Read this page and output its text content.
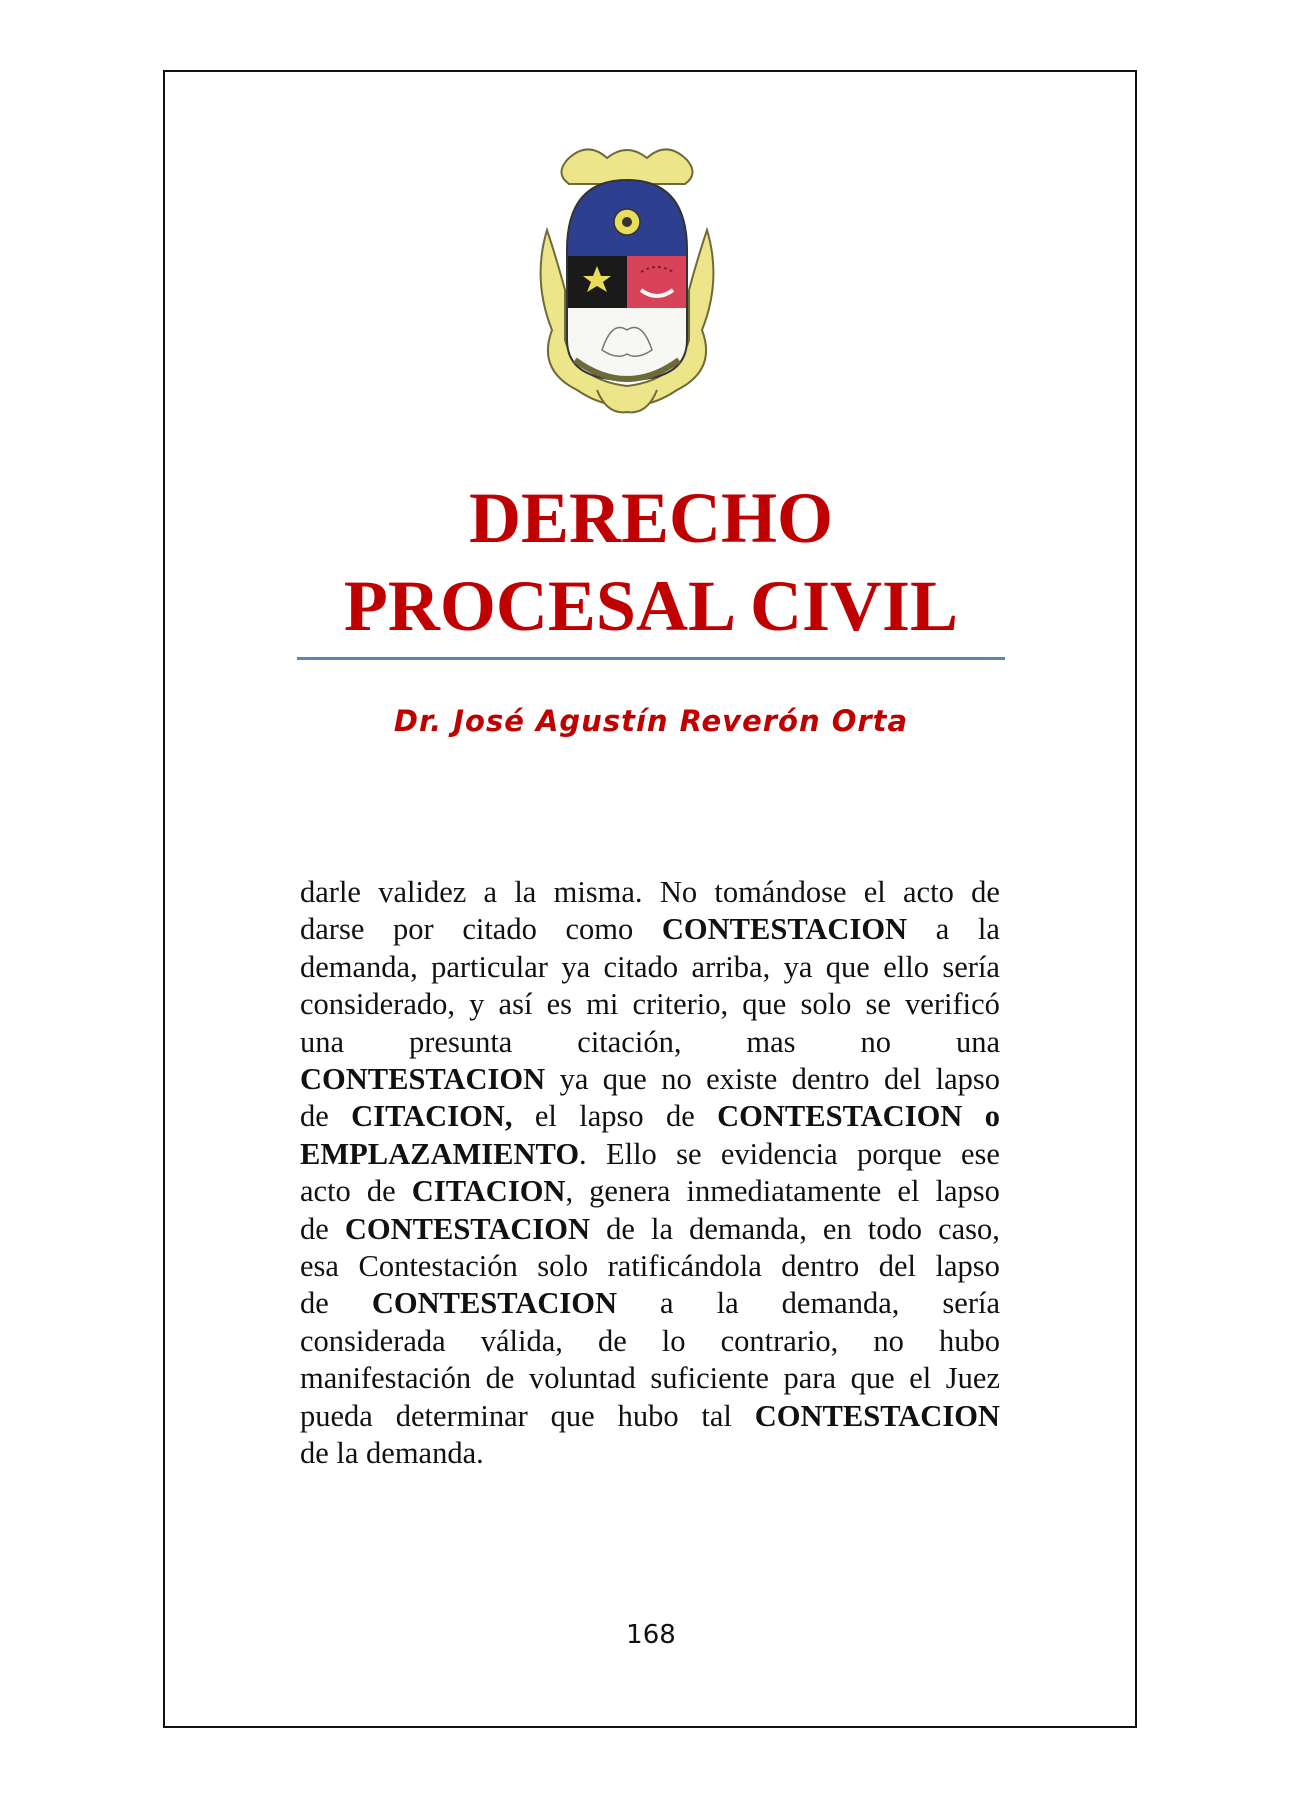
DERECHO
PROCESAL CIVIL
Dr. José Agustín Reverón Orta
darle validez a la misma. No tomándose el acto de
darse por citado como CONTESTACION a la
demanda, particular ya citado arriba, ya que ello sería
considerado, y así es mi criterio, que solo se verificó
una presunta citación, mas no una
CONTESTACION ya que no existe dentro del lapso
de CITACION, el lapso de CONTESTACION o
EMPLAZAMIENTO. Ello se evidencia porque ese
acto de CITACION, genera inmediatamente el lapso
de CONTESTACION de la demanda, en todo caso,
esa Contestación solo ratificándola dentro del lapso
de CONTESTACION a la demanda, sería
considerada válida, de lo contrario, no hubo
manifestación de voluntad suficiente para que el Juez
pueda determinar que hubo tal CONTESTACION
de la demanda.
168
